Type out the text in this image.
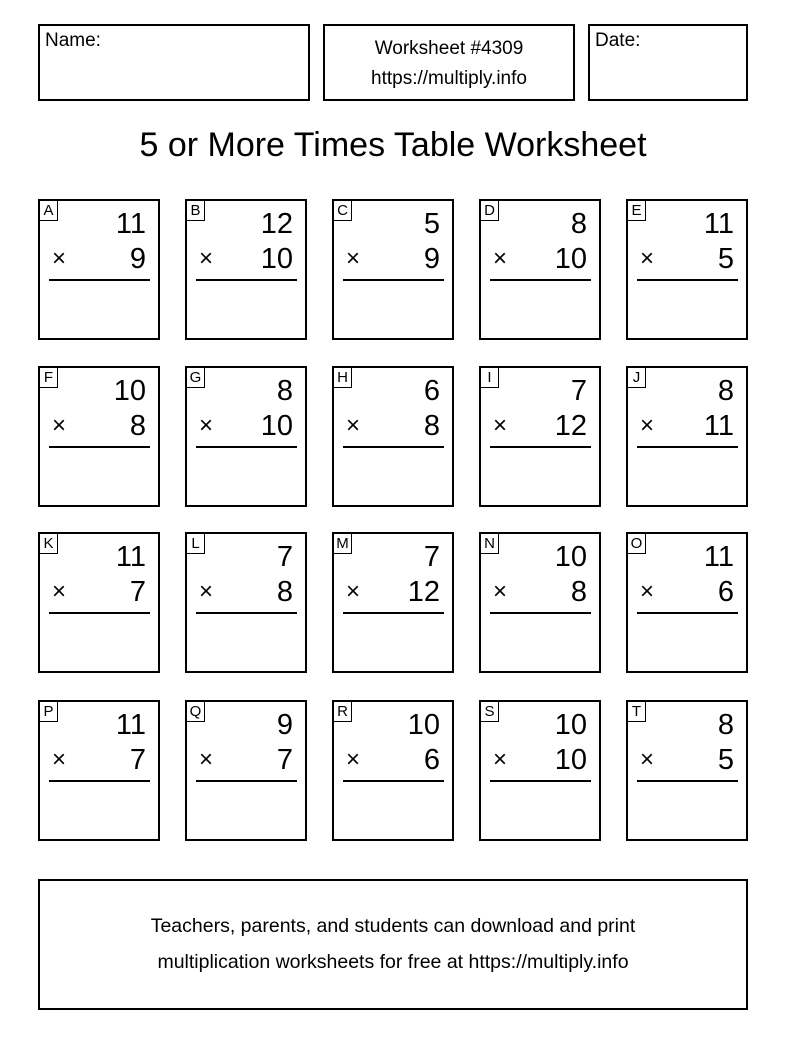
Name:	Worksheet #4309
https://multiply.info
Date:
5 or More Times Table Worksheet
A 11
× 9
B 12
× 10
C	5
× 9
D	8
× 10
E 11
× 5
F 10
× 8
G	8
× 10
H	6
× 8
I	7
× 12
J	8
× 11
K 11
× 7
L	7
× 8
M	7
× 12
N 10
× 8
O 11
× 6
P 11
× 7
Q	9
× 7
R 10
× 6
S 10
× 10
T	8
× 5
Teachers, parents, and students can download and print
multiplication worksheets for free at https://multiply.info
